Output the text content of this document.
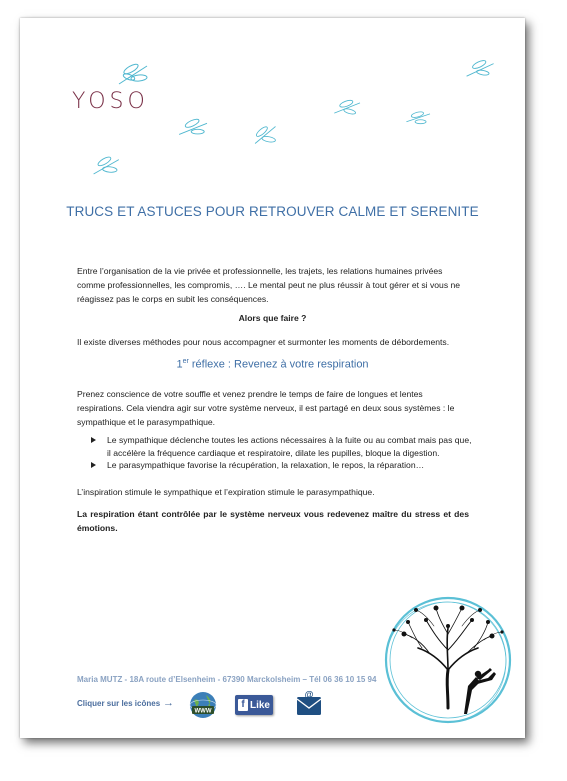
YOSO
TRUCS ET ASTUCES POUR RETROUVER CALME ET SERENITE
Entre l’organisation de la vie privée et professionnelle, les trajets, les relations humaines privées comme professionnelles, les compromis, …. Le mental peut ne plus réussir à tout gérer et si vous ne réagissez pas le corps en subit les conséquences.
Alors que faire ?
Il existe diverses méthodes pour nous accompagner et surmonter les moments de débordements.
1er réflexe : Revenez à votre respiration
Prenez conscience de votre souffle et venez prendre le temps de faire de longues et lentes respirations. Cela viendra agir sur votre système nerveux, il est partagé en deux sous systèmes : le sympathique et le parasympathique.
Le sympathique déclenche toutes les actions nécessaires à la fuite ou au combat mais pas que, il accélère la fréquence cardiaque et respiratoire, dilate les pupilles, bloque la digestion.
Le parasympathique favorise la récupération, la relaxation, le repos, la réparation…
L’inspiration stimule le sympathique et l’expiration stimule le parasympathique.
La respiration étant contrôlée par le système nerveux vous redevenez maître du stress et des émotions.
Maria MUTZ - 18A route d’Elsenheim - 67390 Marckolsheim – Tél 06 36 10 15 94
Cliquer sur les icônes →
WWW
f Like
@
